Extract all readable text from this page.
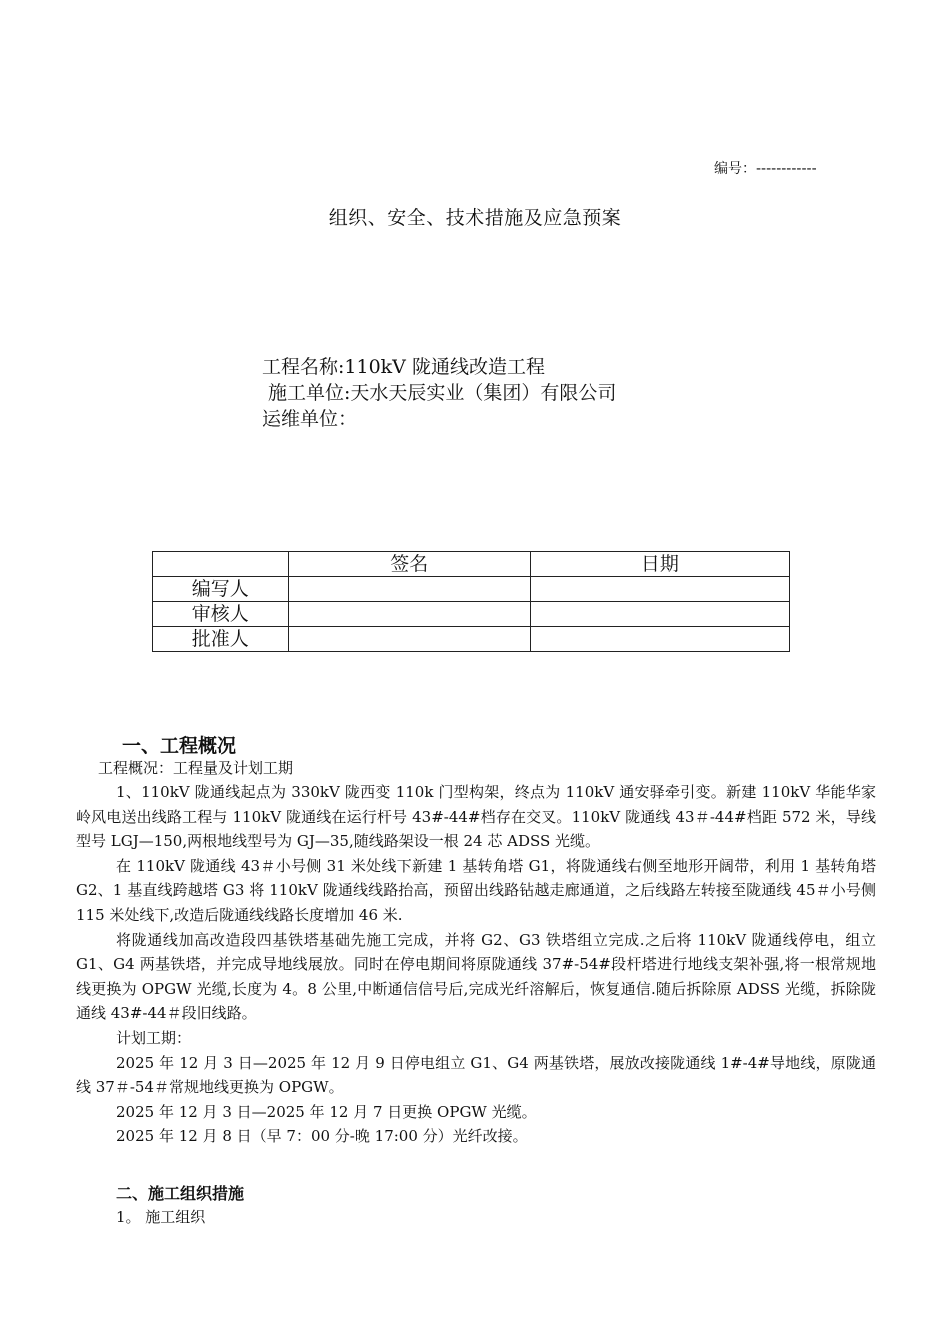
编号：------------
组织、安全、技术措施及应急预案
工程名称:110kV 陇通线改造工程
施工单位:天水天辰实业（集团）有限公司
运维单位：
	签名	日期
编写人		
审核人		
批准人		
一、工程概况
工程概况：工程量及计划工期

1、110kV 陇通线起点为 330kV 陇西变 110k 门型构架，终点为 110kV 通安驿牵引变。新建 110kV 华能华家岭风电送出线路工程与 110kV 陇通线在运行杆号 43#-44#档存在交叉。110kV 陇通线 43＃-44#档距 572 米，导线型号 LGJ—150,两根地线型号为 GJ—35,随线路架设一根 24 芯 ADSS 光缆。

在 110kV 陇通线 43＃小号侧 31 米处线下新建 1 基转角塔 G1，将陇通线右侧至地形开阔带，利用 1 基转角塔 G2、1 基直线跨越塔 G3 将 110kV 陇通线线路抬高，预留出线路钻越走廊通道，之后线路左转接至陇通线 45＃小号侧 115 米处线下,改造后陇通线线路长度增加 46 米.

将陇通线加高改造段四基铁塔基础先施工完成，并将 G2、G3 铁塔组立完成.之后将 110kV 陇通线停电，组立 G1、G4 两基铁塔，并完成导地线展放。同时在停电期间将原陇通线 37#-54#段杆塔进行地线支架补强,将一根常规地线更换为 OPGW 光缆,长度为 4。8 公里,中断通信信号后,完成光纤溶解后，恢复通信.随后拆除原 ADSS 光缆，拆除陇通线 43#-44＃段旧线路。

计划工期：

2025 年 12 月 3 日—2025 年 12 月 9 日停电组立 G1、G4 两基铁塔，展放改接陇通线 1#-4#导地线，原陇通线 37＃-54＃常规地线更换为 OPGW。

2025 年 12 月 3 日—2025 年 12 月 7 日更换 OPGW 光缆。

2025 年 12 月 8 日（早 7：00 分-晚 17:00 分）光纤改接。

二、施工组织措施
1。 施工组织
